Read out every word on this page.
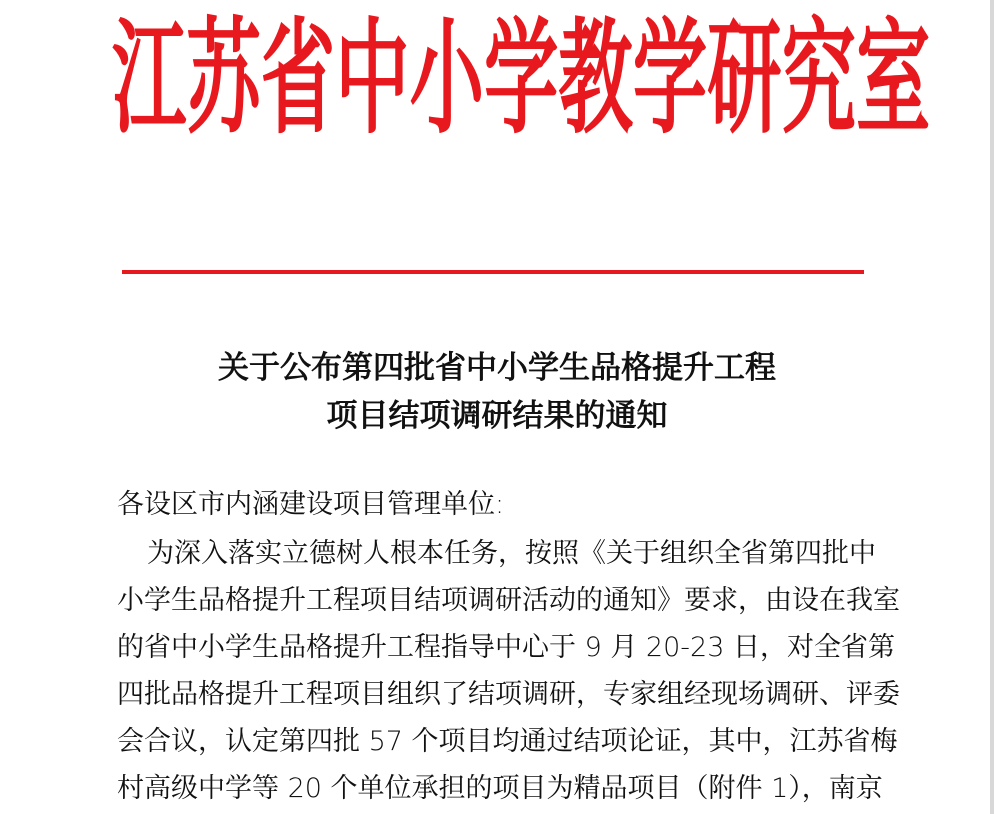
江苏省中小学教学研究室
关于公布第四批省中小学生品格提升工程
项目结项调研结果的通知
各设区市内涵建设项目管理单位:
为深入落实立德树人根本任务，按照《关于组织全省第四批中
小学生品格提升工程项目结项调研活动的通知》要求，由设在我室
的省中小学生品格提升工程指导中心于 9 月 20-23 日，对全省第
四批品格提升工程项目组织了结项调研，专家组经现场调研、评委
会合议，认定第四批 57 个项目均通过结项论证，其中，江苏省梅
村高级中学等 20 个单位承担的项目为精品项目（附件 1），南京
